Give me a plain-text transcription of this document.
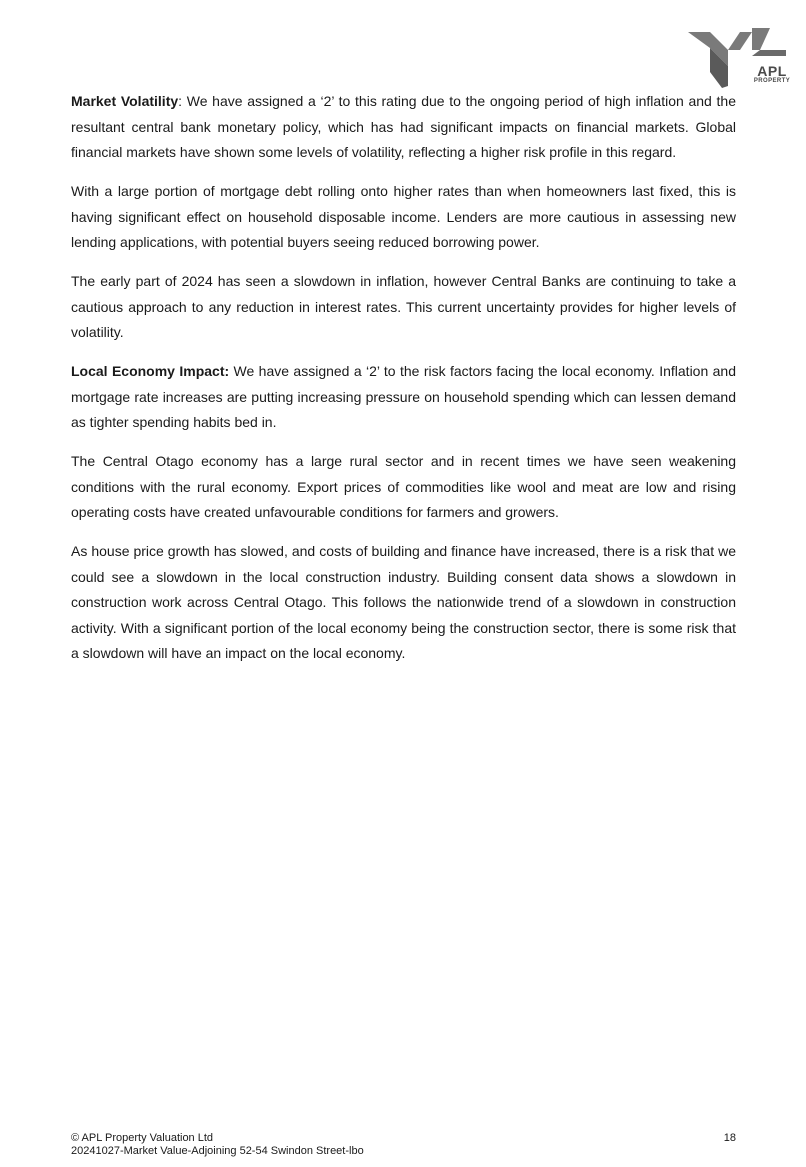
APL
PROPERTY

Market Volatility: We have assigned a ‘2’ to this rating due to the ongoing period of high inflation and the resultant central bank monetary policy, which has had significant impacts on financial markets. Global financial markets have shown some levels of volatility, reflecting a higher risk profile in this regard.

With a large portion of mortgage debt rolling onto higher rates than when homeowners last fixed, this is having significant effect on household disposable income. Lenders are more cautious in assessing new lending applications, with potential buyers seeing reduced borrowing power.

The early part of 2024 has seen a slowdown in inflation, however Central Banks are continuing to take a cautious approach to any reduction in interest rates. This current uncertainty provides for higher levels of volatility.

Local Economy Impact: We have assigned a ‘2’ to the risk factors facing the local economy. Inflation and mortgage rate increases are putting increasing pressure on household spending which can lessen demand as tighter spending habits bed in.

The Central Otago economy has a large rural sector and in recent times we have seen weakening conditions with the rural economy. Export prices of commodities like wool and meat are low and rising operating costs have created unfavourable conditions for farmers and growers.

As house price growth has slowed, and costs of building and finance have increased, there is a risk that we could see a slowdown in the local construction industry. Building consent data shows a slowdown in construction work across Central Otago. This follows the nationwide trend of a slowdown in construction activity. With a significant portion of the local economy being the construction sector, there is some risk that a slowdown will have an impact on the local economy.

© APL Property Valuation Ltd
20241027-Market Value-Adjoining 52-54 Swindon Street-lbo
18
